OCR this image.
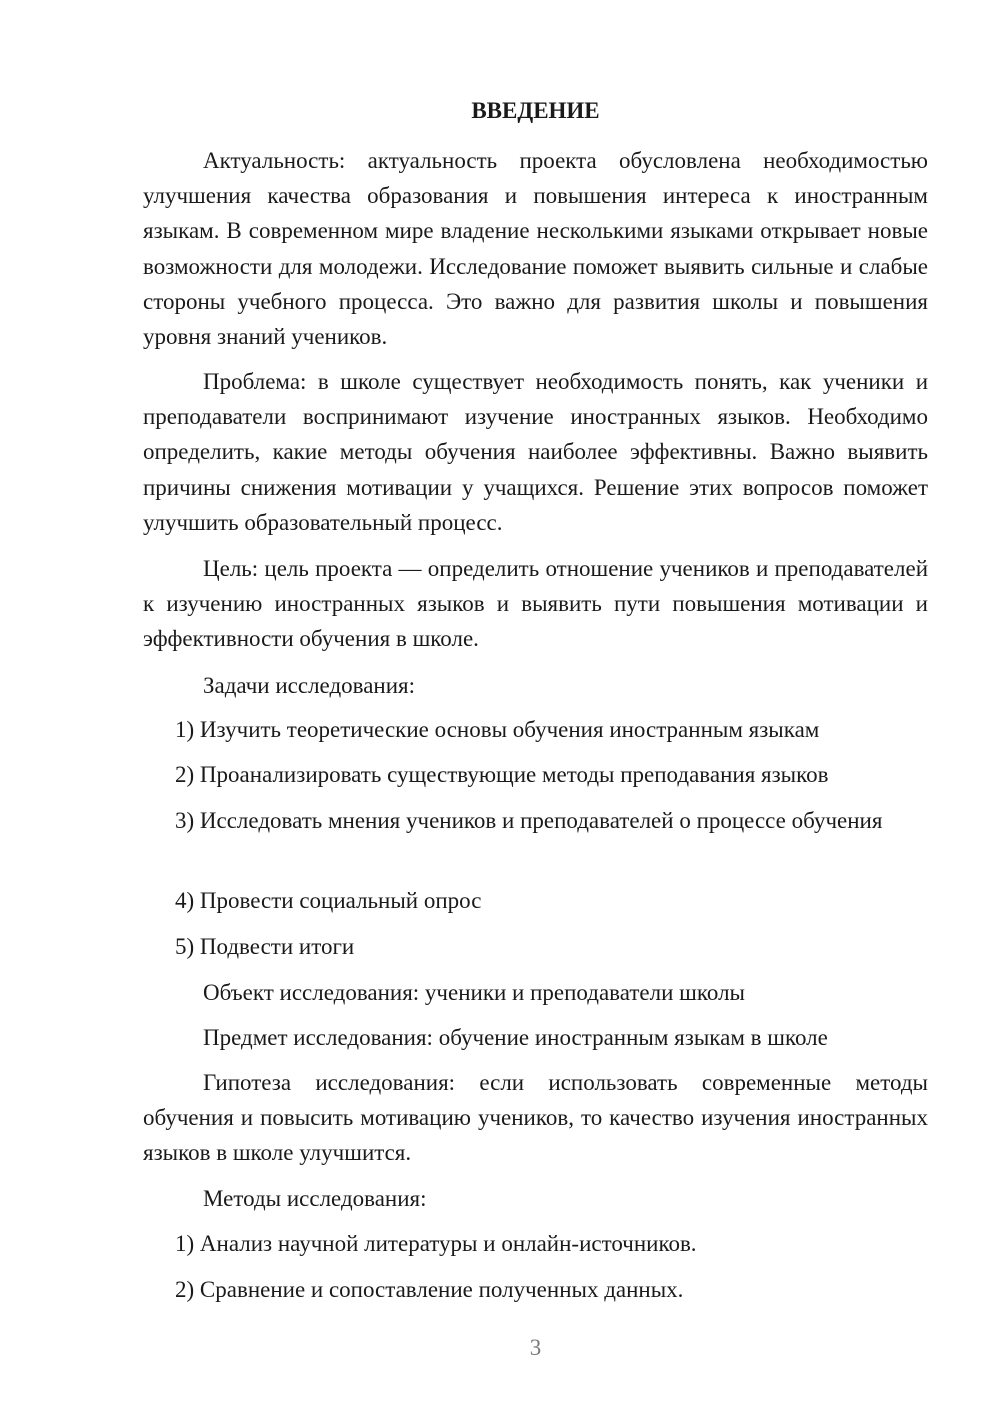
ВВЕДЕНИЕ

Актуальность: актуальность проекта обусловлена необходимостью улучшения качества образования и повышения интереса к иностранным языкам. В современном мире владение несколькими языками открывает новые возможности для молодежи. Исследование поможет выявить сильные и слабые стороны учебного процесса. Это важно для развития школы и повышения уровня знаний учеников.

Проблема: в школе существует необходимость понять, как ученики и преподаватели воспринимают изучение иностранных языков. Необходимо определить, какие методы обучения наиболее эффективны. Важно выявить причины снижения мотивации у учащихся. Решение этих вопросов поможет улучшить образовательный процесс.

Цель: цель проекта — определить отношение учеников и преподавателей к изучению иностранных языков и выявить пути повышения мотивации и эффективности обучения в школе.

Задачи исследования:

1) Изучить теоретические основы обучения иностранным языкам

2) Проанализировать существующие методы преподавания языков

3) Исследовать мнения учеников и преподавателей о процессе обучения

4) Провести социальный опрос

5) Подвести итоги

Объект исследования: ученики и преподаватели школы

Предмет исследования: обучение иностранным языкам в школе

Гипотеза исследования: если использовать современные методы обучения и повысить мотивацию учеников, то качество изучения иностранных языков в школе улучшится.

Методы исследования:

1) Анализ научной литературы и онлайн-источников.

2) Сравнение и сопоставление полученных данных.

3
